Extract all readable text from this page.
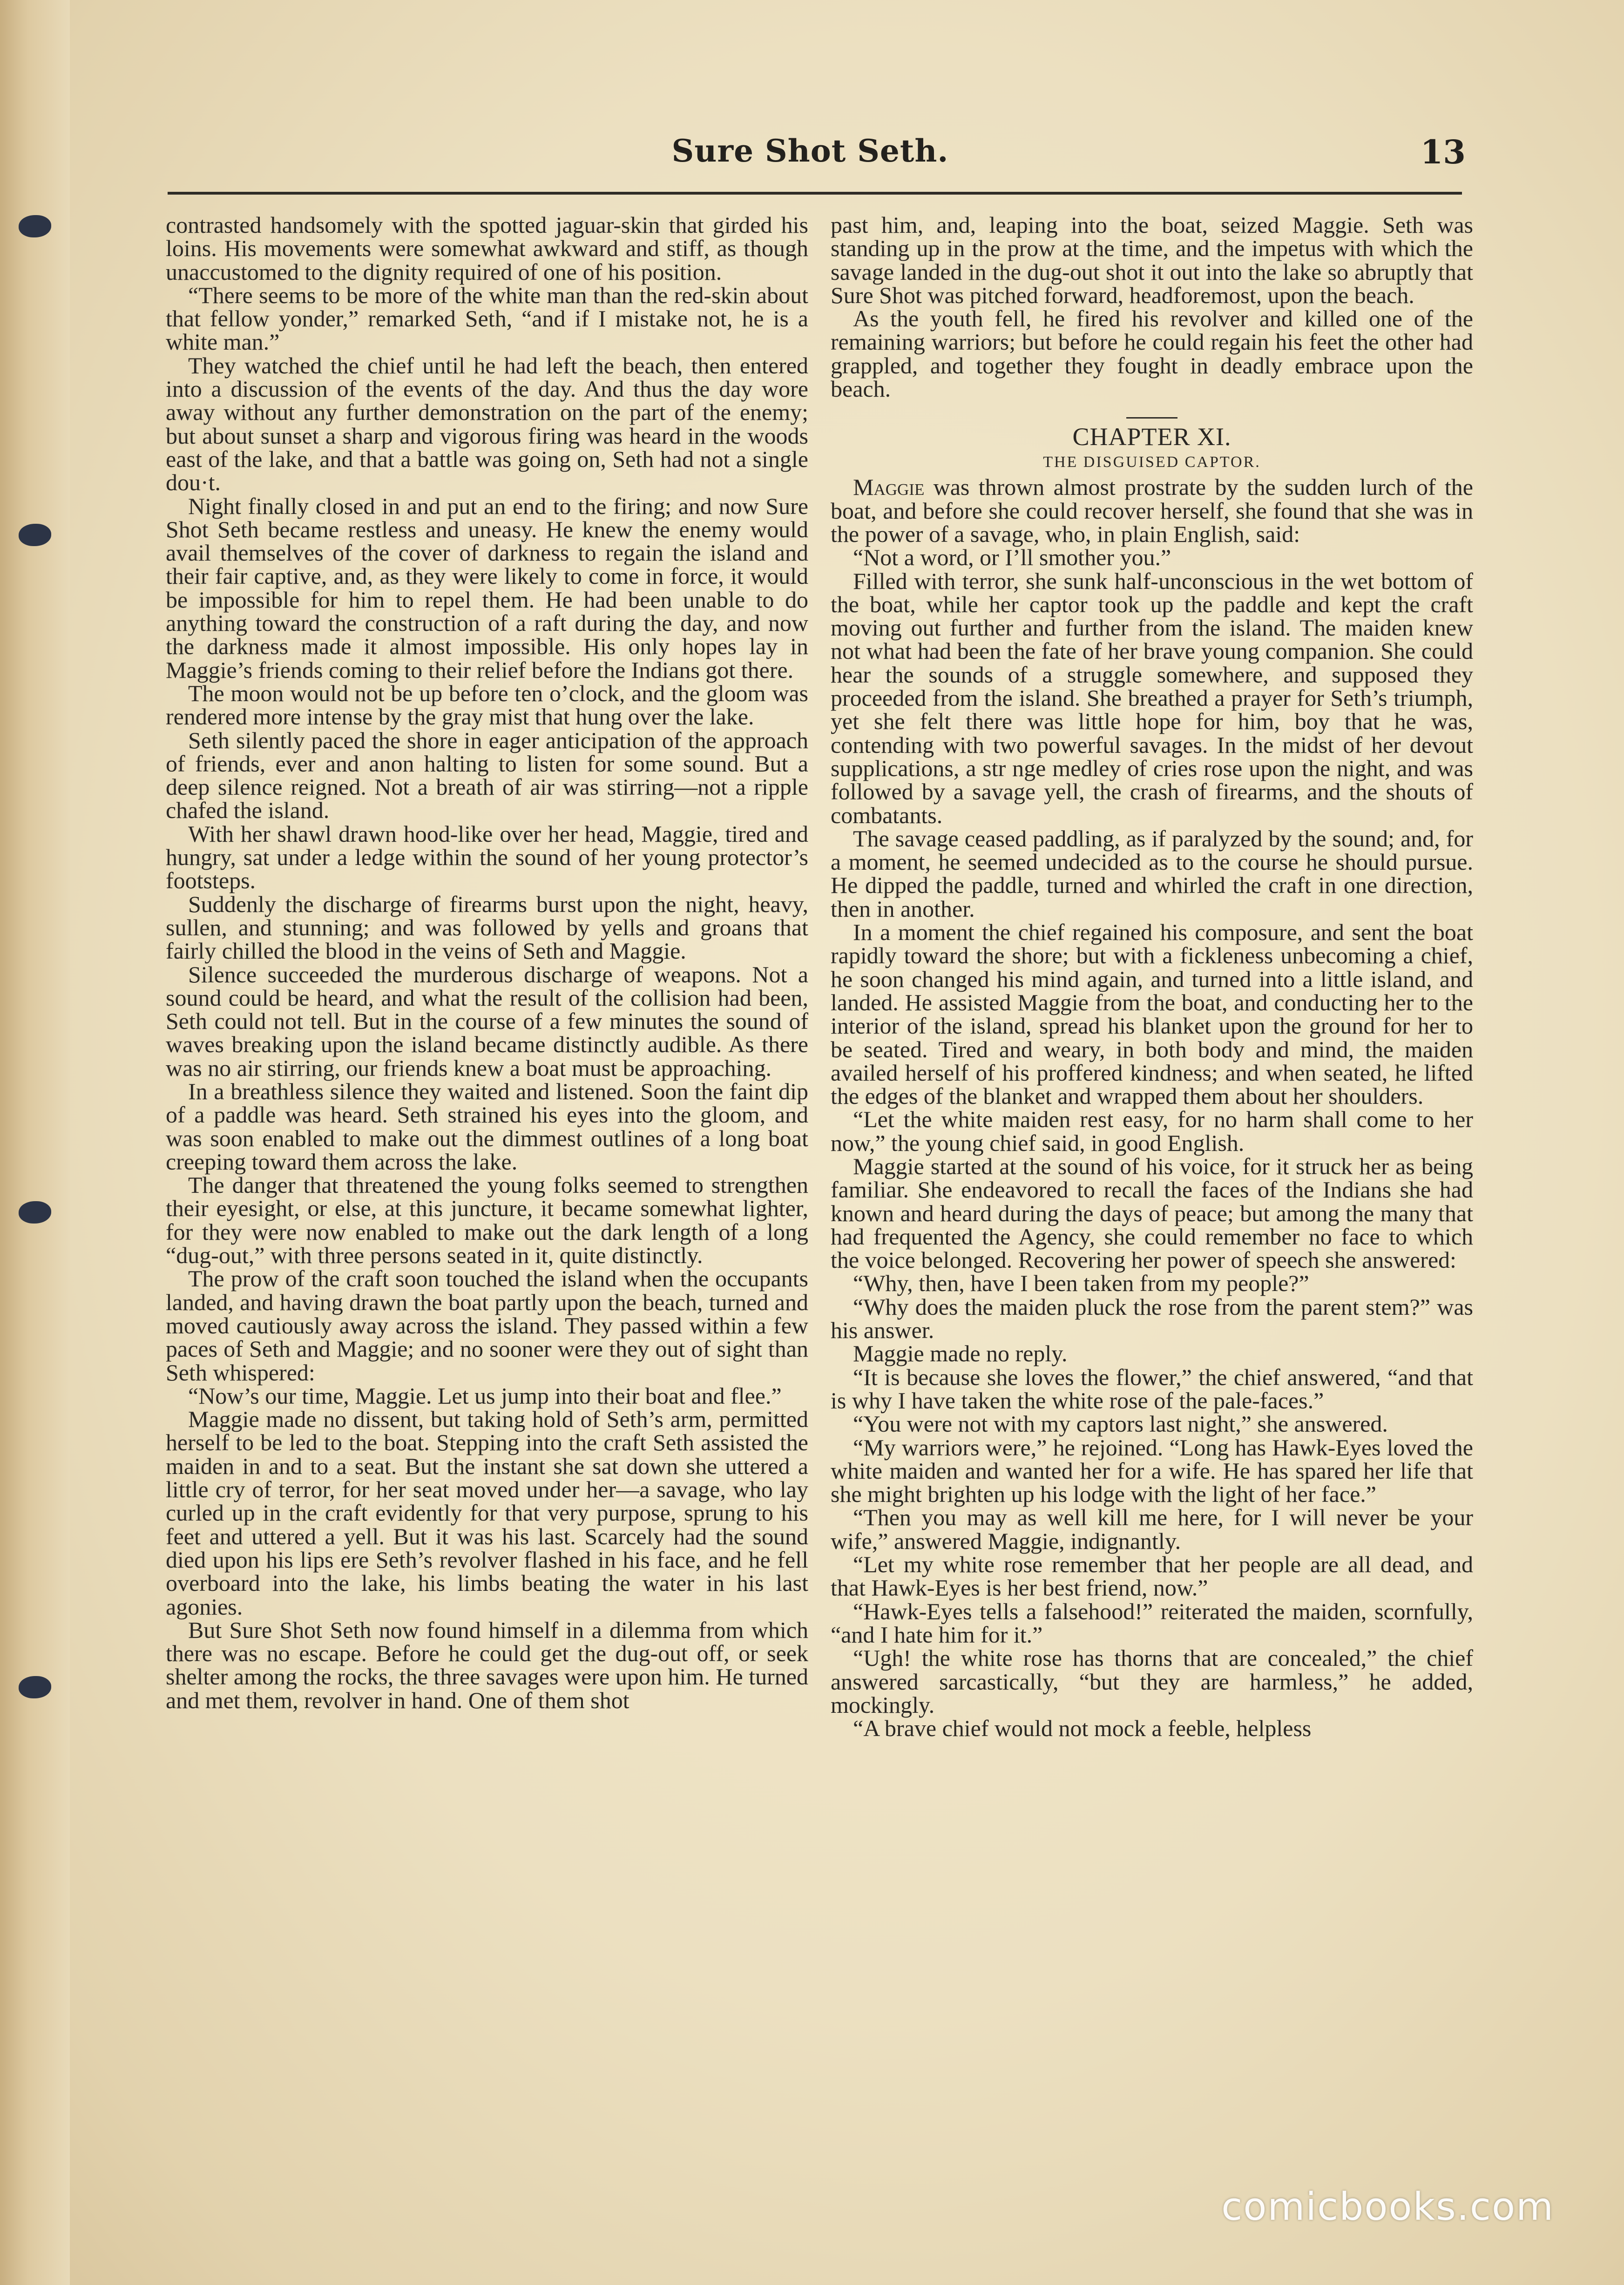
Sure Shot Seth.	13

contrasted handsomely with the spotted jaguar-skin that girded his loins. His movements were somewhat awkward and stiff, as though unaccustomed to the dignity required of one of his position.

“There seems to be more of the white man than the red-skin about that fellow yonder,” remarked Seth, “and if I mistake not, he is a white man.”

They watched the chief until he had left the beach, then entered into a discussion of the events of the day. And thus the day wore away without any further demonstration on the part of the enemy; but about sunset a sharp and vigorous firing was heard in the woods east of the lake, and that a battle was going on, Seth had not a single dou·t.

Night finally closed in and put an end to the firing; and now Sure Shot Seth became restless and uneasy. He knew the enemy would avail themselves of the cover of darkness to regain the island and their fair captive, and, as they were likely to come in force, it would be impossible for him to repel them. He had been unable to do anything toward the construction of a raft during the day, and now the darkness made it almost impossible. His only hopes lay in Maggie’s friends coming to their relief before the Indians got there.

The moon would not be up before ten o’clock, and the gloom was rendered more intense by the gray mist that hung over the lake.

Seth silently paced the shore in eager anticipation of the approach of friends, ever and anon halting to listen for some sound. But a deep silence reigned. Not a breath of air was stirring—not a ripple chafed the island.

With her shawl drawn hood-like over her head, Maggie, tired and hungry, sat under a ledge within the sound of her young protector’s footsteps.

Suddenly the discharge of firearms burst upon the night, heavy, sullen, and stunning; and was followed by yells and groans that fairly chilled the blood in the veins of Seth and Maggie.

Silence succeeded the murderous discharge of weapons. Not a sound could be heard, and what the result of the collision had been, Seth could not tell. But in the course of a few minutes the sound of waves breaking upon the island became distinctly audible. As there was no air stirring, our friends knew a boat must be approaching.

In a breathless silence they waited and listened. Soon the faint dip of a paddle was heard. Seth strained his eyes into the gloom, and was soon enabled to make out the dimmest outlines of a long boat creeping toward them across the lake.

The danger that threatened the young folks seemed to strengthen their eyesight, or else, at this juncture, it became somewhat lighter, for they were now enabled to make out the dark length of a long “dug-out,” with three persons seated in it, quite distinctly.

The prow of the craft soon touched the island when the occupants landed, and having drawn the boat partly upon the beach, turned and moved cautiously away across the island. They passed within a few paces of Seth and Maggie; and no sooner were they out of sight than Seth whispered:

“Now’s our time, Maggie. Let us jump into their boat and flee.”

Maggie made no dissent, but taking hold of Seth’s arm, permitted herself to be led to the boat. Stepping into the craft Seth assisted the maiden in and to a seat. But the instant she sat down she uttered a little cry of terror, for her seat moved under her—a savage, who lay curled up in the craft evidently for that very purpose, sprung to his feet and uttered a yell. But it was his last. Scarcely had the sound died upon his lips ere Seth’s revolver flashed in his face, and he fell overboard into the lake, his limbs beating the water in his last agonies.

But Sure Shot Seth now found himself in a dilemma from which there was no escape. Before he could get the dug-out off, or seek shelter among the rocks, the three savages were upon him. He turned and met them, revolver in hand. One of them shot

past him, and, leaping into the boat, seized Maggie. Seth was standing up in the prow at the time, and the impetus with which the savage landed in the dug-out shot it out into the lake so abruptly that Sure Shot was pitched forward, headforemost, upon the beach.

As the youth fell, he fired his revolver and killed one of the remaining warriors; but before he could regain his feet the other had grappled, and together they fought in deadly embrace upon the beach.

CHAPTER XI.
THE DISGUISED CAPTOR.

Maggie was thrown almost prostrate by the sudden lurch of the boat, and before she could recover herself, she found that she was in the power of a savage, who, in plain English, said:

“Not a word, or I’ll smother you.”

Filled with terror, she sunk half-unconscious in the wet bottom of the boat, while her captor took up the paddle and kept the craft moving out further and further from the island. The maiden knew not what had been the fate of her brave young companion. She could hear the sounds of a struggle somewhere, and supposed they proceeded from the island. She breathed a prayer for Seth’s triumph, yet she felt there was little hope for him, boy that he was, contending with two powerful savages. In the midst of her devout supplications, a str nge medley of cries rose upon the night, and was followed by a savage yell, the crash of firearms, and the shouts of combatants.

The savage ceased paddling, as if paralyzed by the sound; and, for a moment, he seemed undecided as to the course he should pursue. He dipped the paddle, turned and whirled the craft in one direction, then in another.

In a moment the chief regained his composure, and sent the boat rapidly toward the shore; but with a fickleness unbecoming a chief, he soon changed his mind again, and turned into a little island, and landed. He assisted Maggie from the boat, and conducting her to the interior of the island, spread his blanket upon the ground for her to be seated. Tired and weary, in both body and mind, the maiden availed herself of his proffered kindness; and when seated, he lifted the edges of the blanket and wrapped them about her shoulders.

“Let the white maiden rest easy, for no harm shall come to her now,” the young chief said, in good English.

Maggie started at the sound of his voice, for it struck her as being familiar. She endeavored to recall the faces of the Indians she had known and heard during the days of peace; but among the many that had frequented the Agency, she could remember no face to which the voice belonged. Recovering her power of speech she answered:

“Why, then, have I been taken from my people?”

“Why does the maiden pluck the rose from the parent stem?” was his answer.

Maggie made no reply.

“It is because she loves the flower,” the chief answered, “and that is why I have taken the white rose of the pale-faces.”

“You were not with my captors last night,” she answered.

“My warriors were,” he rejoined. “Long has Hawk-Eyes loved the white maiden and wanted her for a wife. He has spared her life that she might brighten up his lodge with the light of her face.”

“Then you may as well kill me here, for I will never be your wife,” answered Maggie, indignantly.

“Let my white rose remember that her people are all dead, and that Hawk-Eyes is her best friend, now.”

“Hawk-Eyes tells a falsehood!” reiterated the maiden, scornfully, “and I hate him for it.”

“Ugh! the white rose has thorns that are concealed,” the chief answered sarcastically, “but they are harmless,” he added, mockingly.

“A brave chief would not mock a feeble, helpless

comicbooks.com
